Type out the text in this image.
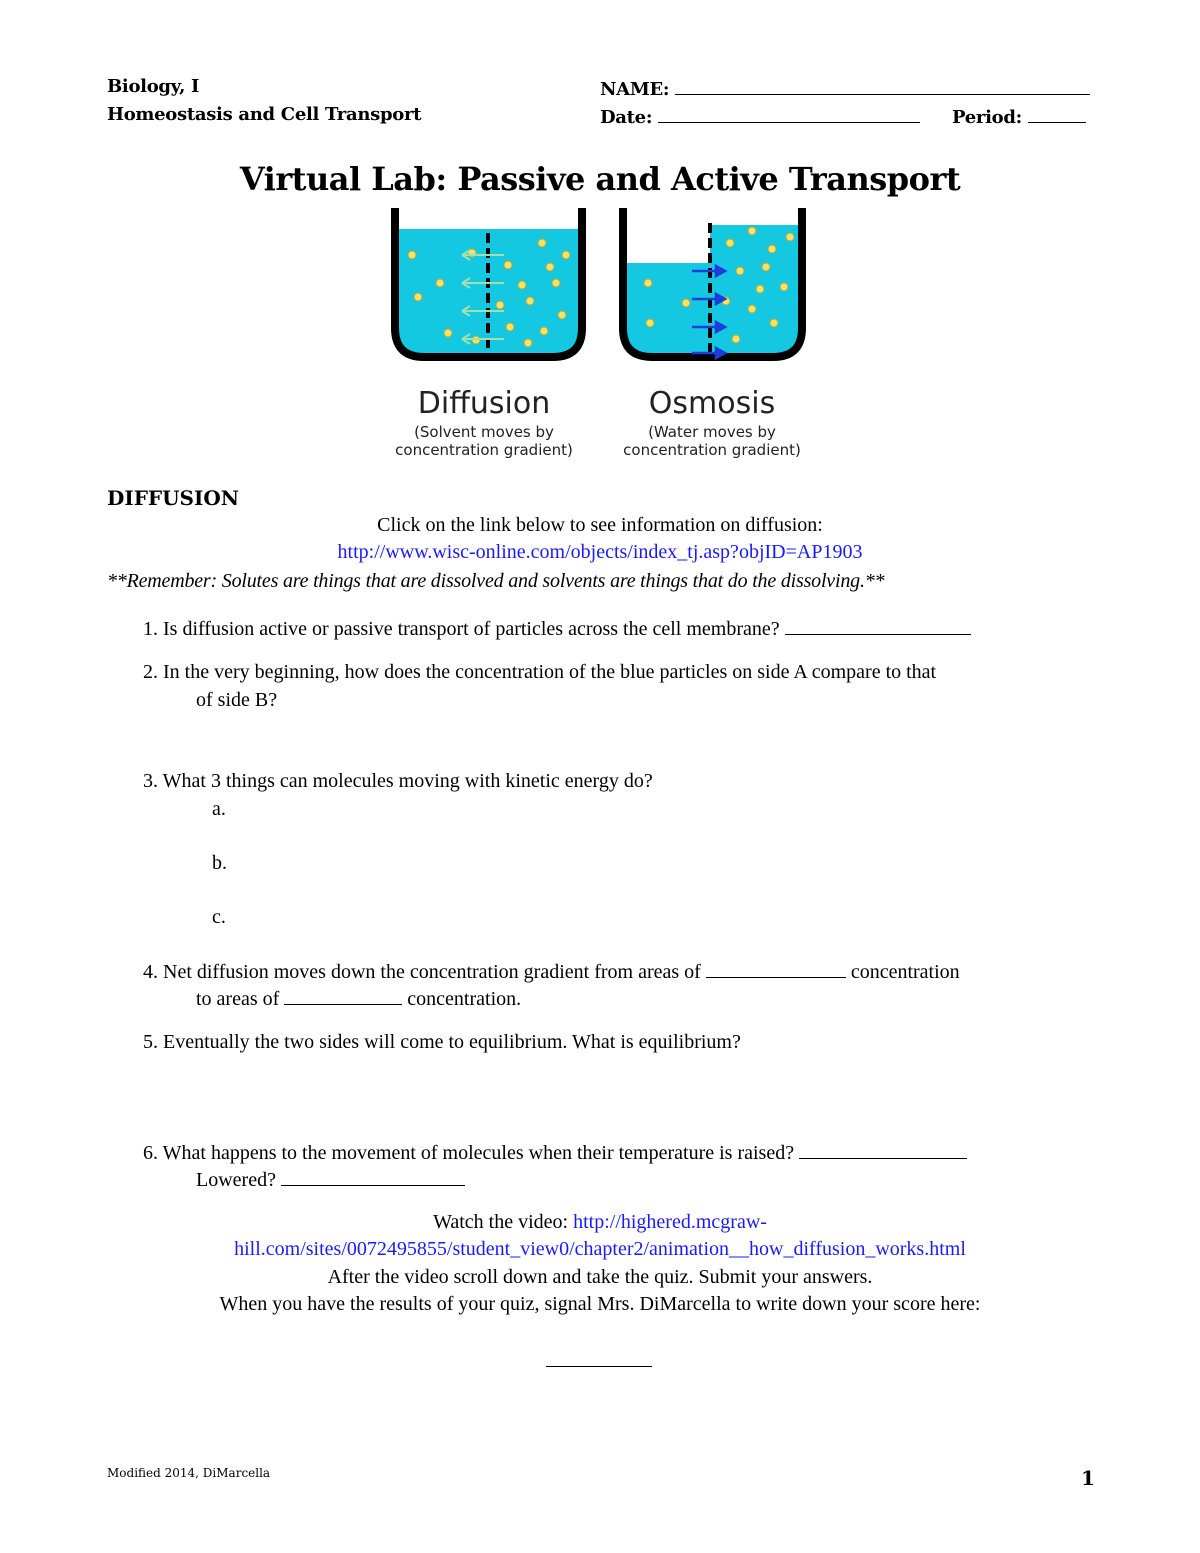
Biology, I
Homeostasis and Cell Transport
NAME:
Date:	Period:
Virtual Lab: Passive and Active Transport
Diffusion
(Solvent moves by
concentration gradient)
Osmosis
(Water moves by
concentration gradient)
DIFFUSION
Click on the link below to see information on diffusion:
http://www.wisc-online.com/objects/index_tj.asp?objID=AP1903
**Remember: Solutes are things that are dissolved and solvents are things that do the dissolving.**
1. Is diffusion active or passive transport of particles across the cell membrane?
2. In the very beginning, how does the concentration of the blue particles on side A compare to that
of side B?
3. What 3 things can molecules moving with kinetic energy do?
a.
b.
c.
4. Net diffusion moves down the concentration gradient from areas of	concentration
to areas of	concentration.
5. Eventually the two sides will come to equilibrium. What is equilibrium?
6. What happens to the movement of molecules when their temperature is raised?
Lowered?
Watch the video: http://highered.mcgraw-
hill.com/sites/0072495855/student_view0/chapter2/animation__how_diffusion_works.html
After the video scroll down and take the quiz. Submit your answers.
When you have the results of your quiz, signal Mrs. DiMarcella to write down your score here:
Modified 2014, DiMarcella	1
